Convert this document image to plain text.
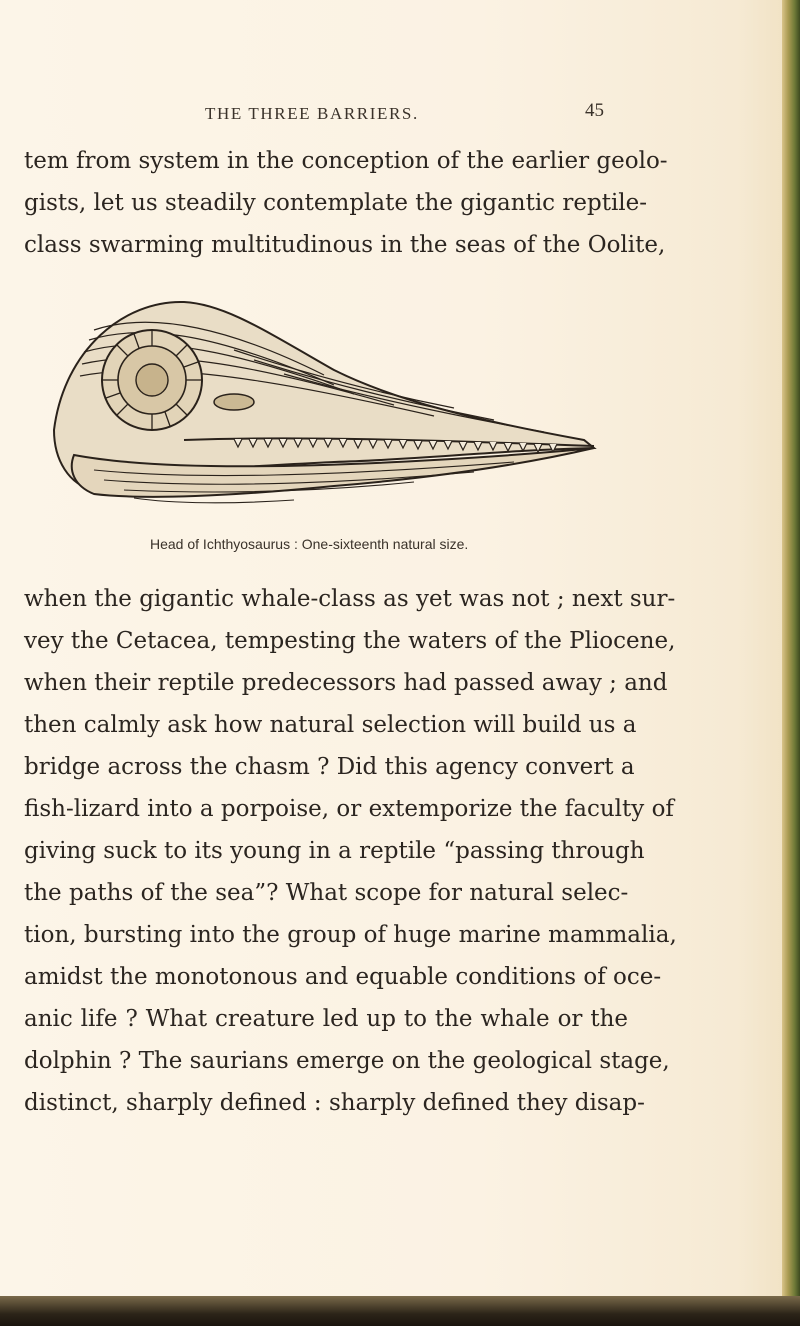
THE THREE BARRIERS.	45
tem from system in the conception of the earlier geolo-
gists, let us steadily contemplate the gigantic reptile-
class swarming multitudinous in the seas of the Oolite,
Head of Ichthyosaurus : One-sixteenth natural size.
when the gigantic whale-class as yet was not ; next sur-
vey the Cetacea, tempesting the waters of the Pliocene,
when their reptile predecessors had passed away ; and
then calmly ask how natural selection will build us a
bridge across the chasm ? Did this agency convert a
fish-lizard into a porpoise, or extemporize the faculty of
giving suck to its young in a reptile “passing through
the paths of the sea”? What scope for natural selec-
tion, bursting into the group of huge marine mammalia,
amidst the monotonous and equable conditions of oce-
anic life ? What creature led up to the whale or the
dolphin ? The saurians emerge on the geological stage,
distinct, sharply defined : sharply defined they disap-
